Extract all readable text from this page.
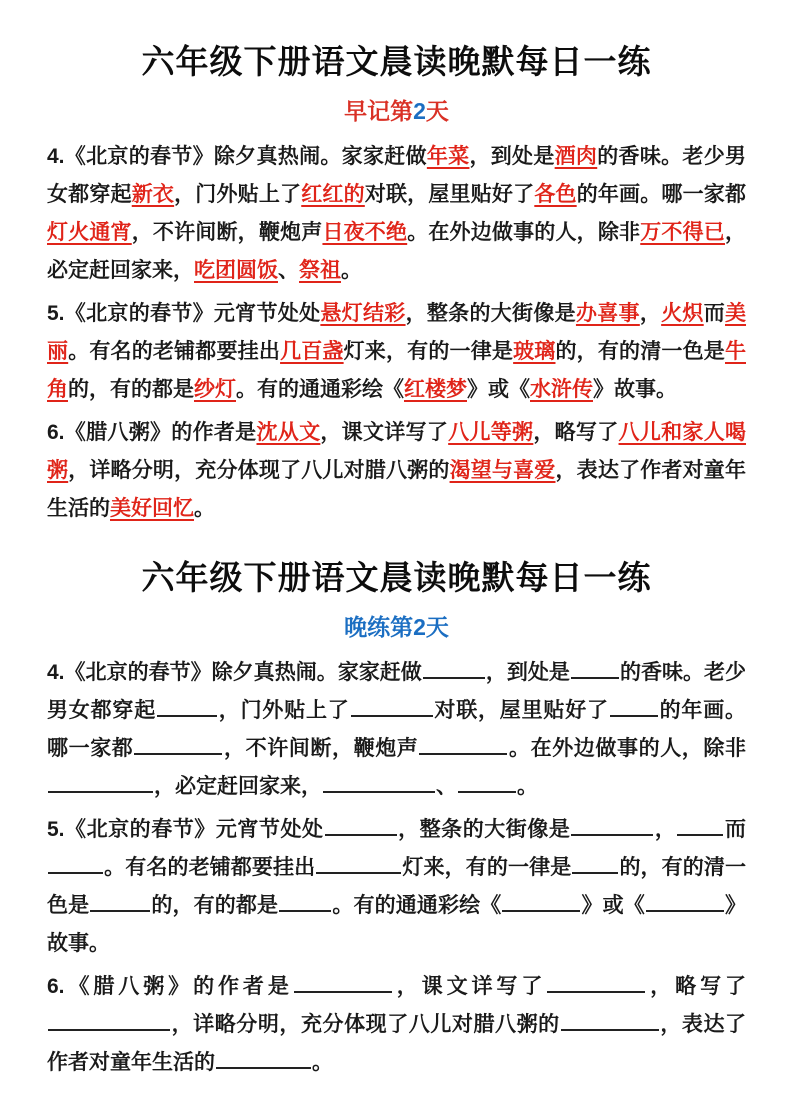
六年级下册语文晨读晚默每日一练
早记第2天

4.《北京的春节》除夕真热闹。家家赶做年菜，到处是酒肉的香味。老少男女都穿起新衣，门外贴上了红红的对联，屋里贴好了各色的年画。哪一家都灯火通宵，不许间断，鞭炮声日夜不绝。在外边做事的人，除非万不得已，必定赶回家来，吃团圆饭、祭祖。

5.《北京的春节》元宵节处处悬灯结彩，整条的大街像是办喜事，火炽而美丽。有名的老铺都要挂出几百盏灯来，有的一律是玻璃的，有的清一色是牛角的，有的都是纱灯。有的通通彩绘《红楼梦》或《水浒传》故事。

6.《腊八粥》的作者是沈从文，课文详写了八儿等粥，略写了八儿和家人喝粥，详略分明，充分体现了八儿对腊八粥的渴望与喜爱，表达了作者对童年生活的美好回忆。

六年级下册语文晨读晚默每日一练
晚练第2天

4.《北京的春节》除夕真热闹。家家赶做	，到处是 的香味。老少男女都穿起	，门外贴上了	对联，屋里贴好了 的年画。哪一家都	，不许间断，鞭炮声	。在外边做事的人，除非，必定赶回家来，	、	。

5.《北京的春节》元宵节处处	，整条的大街像是	， 而。有名的老铺都要挂出	灯来，有的一律是 的，有的清一色是	的，有的都是	。有的通通彩绘《	》或《	》故事。

6.《腊八粥》的作者是	，课文详写了	，略写了，详略分明，充分体现了八儿对腊八粥的	，表达了作者对童年生活的	。
